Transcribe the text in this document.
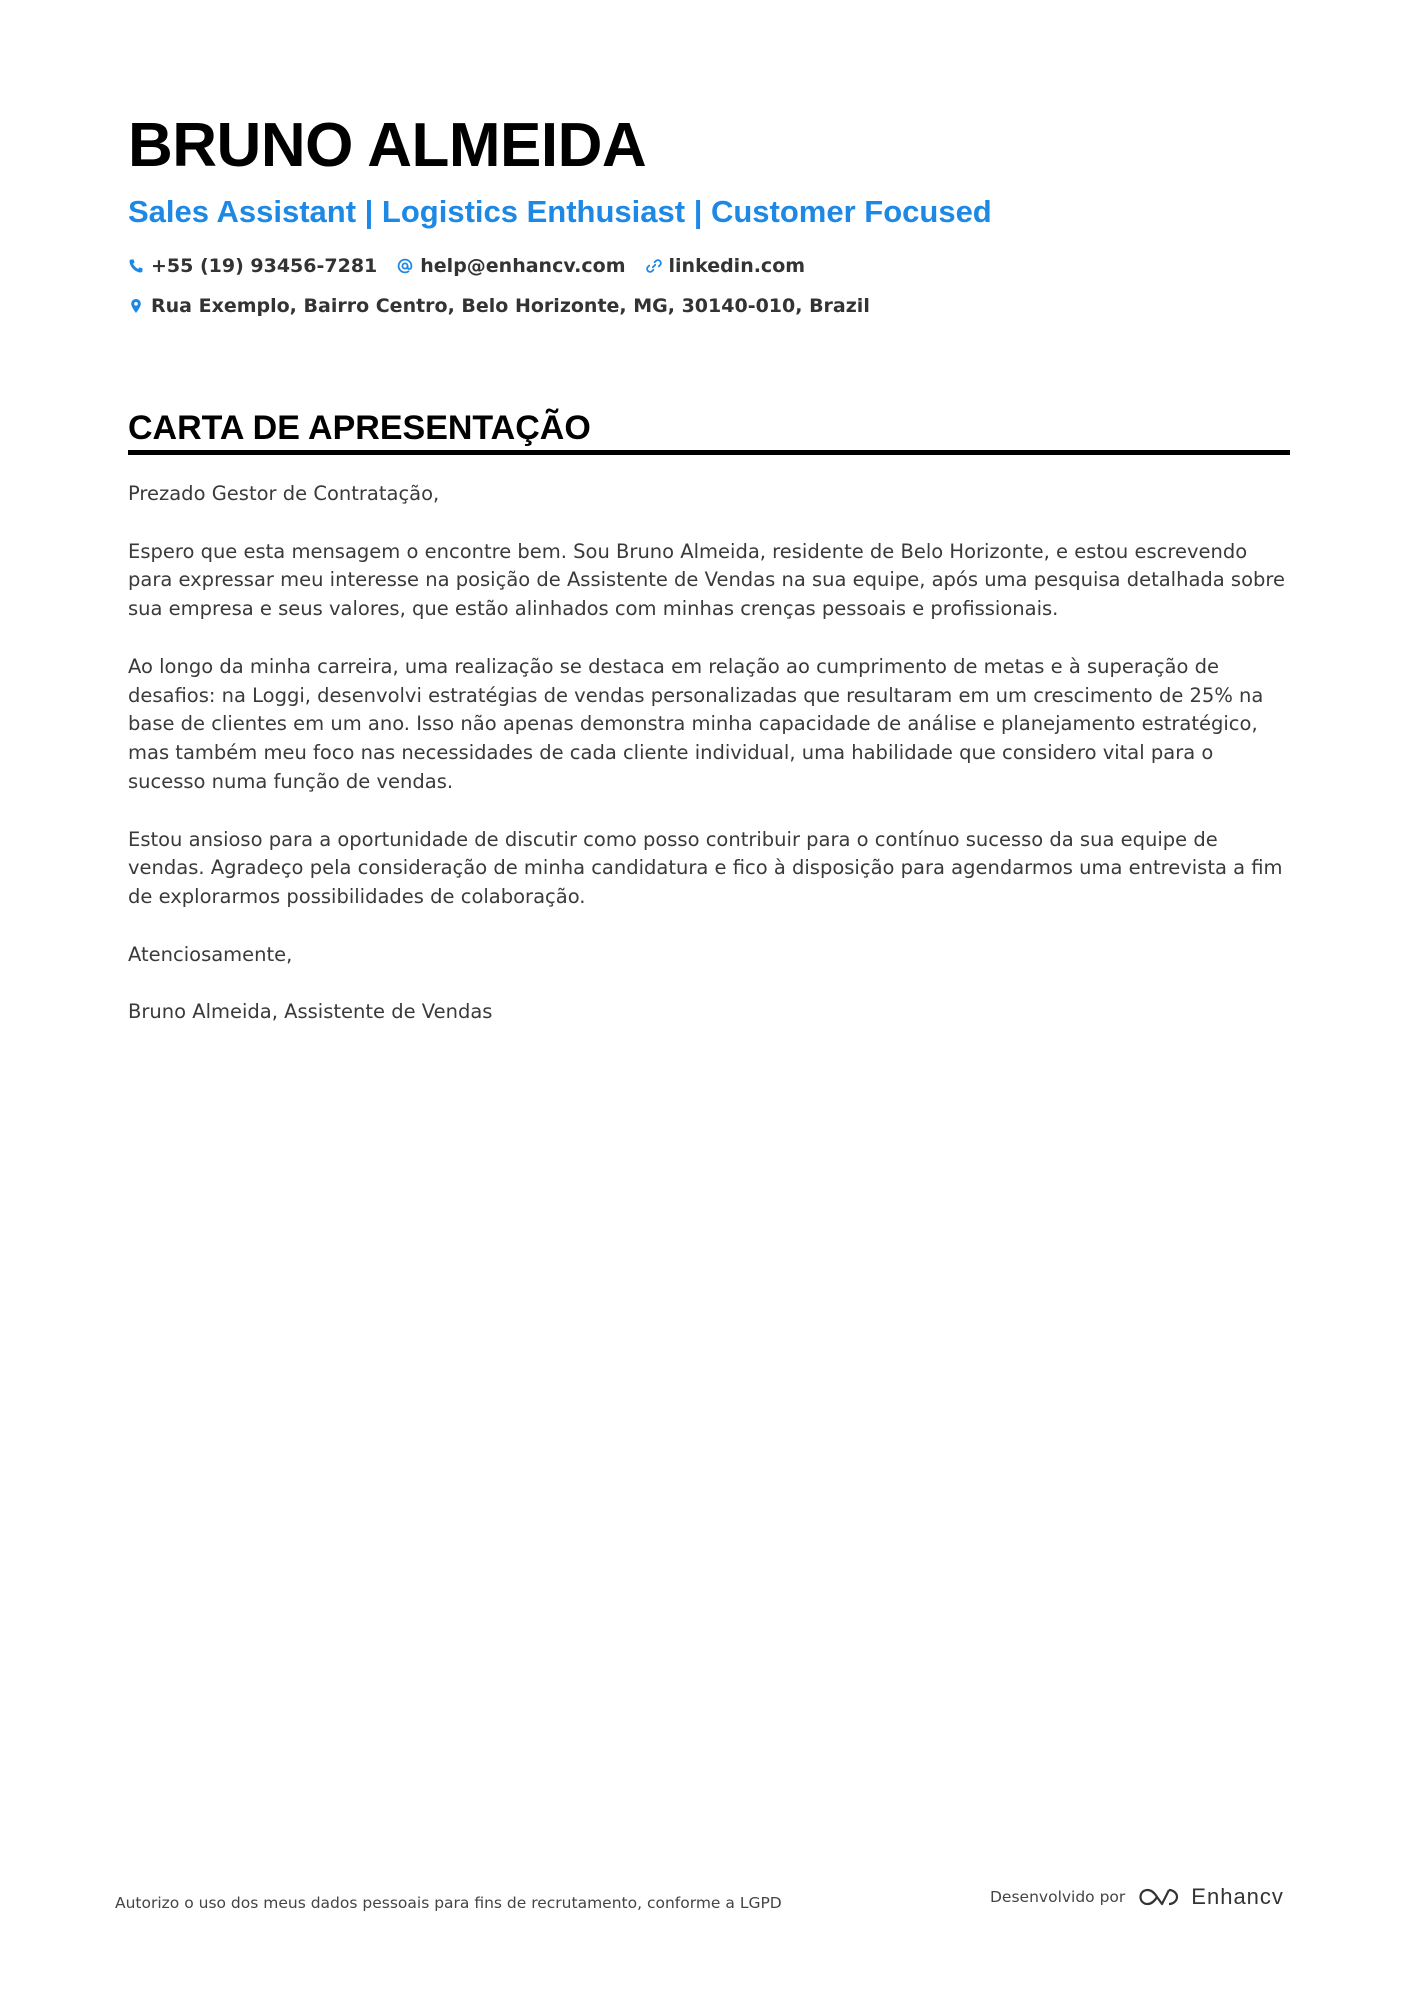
BRUNO ALMEIDA
Sales Assistant | Logistics Enthusiast | Customer Focused
+55 (19) 93456-7281 help@enhancv.com linkedin.com
Rua Exemplo, Bairro Centro, Belo Horizonte, MG, 30140-010, Brazil
CARTA DE APRESENTAÇÃO

Prezado Gestor de Contratação,

Espero que esta mensagem o encontre bem. Sou Bruno Almeida, residente de Belo Horizonte, e estou escrevendo para expressar meu interesse na posição de Assistente de Vendas na sua equipe, após uma pesquisa detalhada sobre sua empresa e seus valores, que estão alinhados com minhas crenças pessoais e profissionais.

Ao longo da minha carreira, uma realização se destaca em relação ao cumprimento de metas e à superação de desafios: na Loggi, desenvolvi estratégias de vendas personalizadas que resultaram em um crescimento de 25% na base de clientes em um ano. Isso não apenas demonstra minha capacidade de análise e planejamento estratégico, mas também meu foco nas necessidades de cada cliente individual, uma habilidade que considero vital para o sucesso numa função de vendas.

Estou ansioso para a oportunidade de discutir como posso contribuir para o contínuo sucesso da sua equipe de vendas. Agradeço pela consideração de minha candidatura e fico à disposição para agendarmos uma entrevista a fim de explorarmos possibilidades de colaboração.

Atenciosamente,

Bruno Almeida, Assistente de Vendas

Autorizo o uso dos meus dados pessoais para fins de recrutamento, conforme a LGPD	Desenvolvido por	Enhancv
